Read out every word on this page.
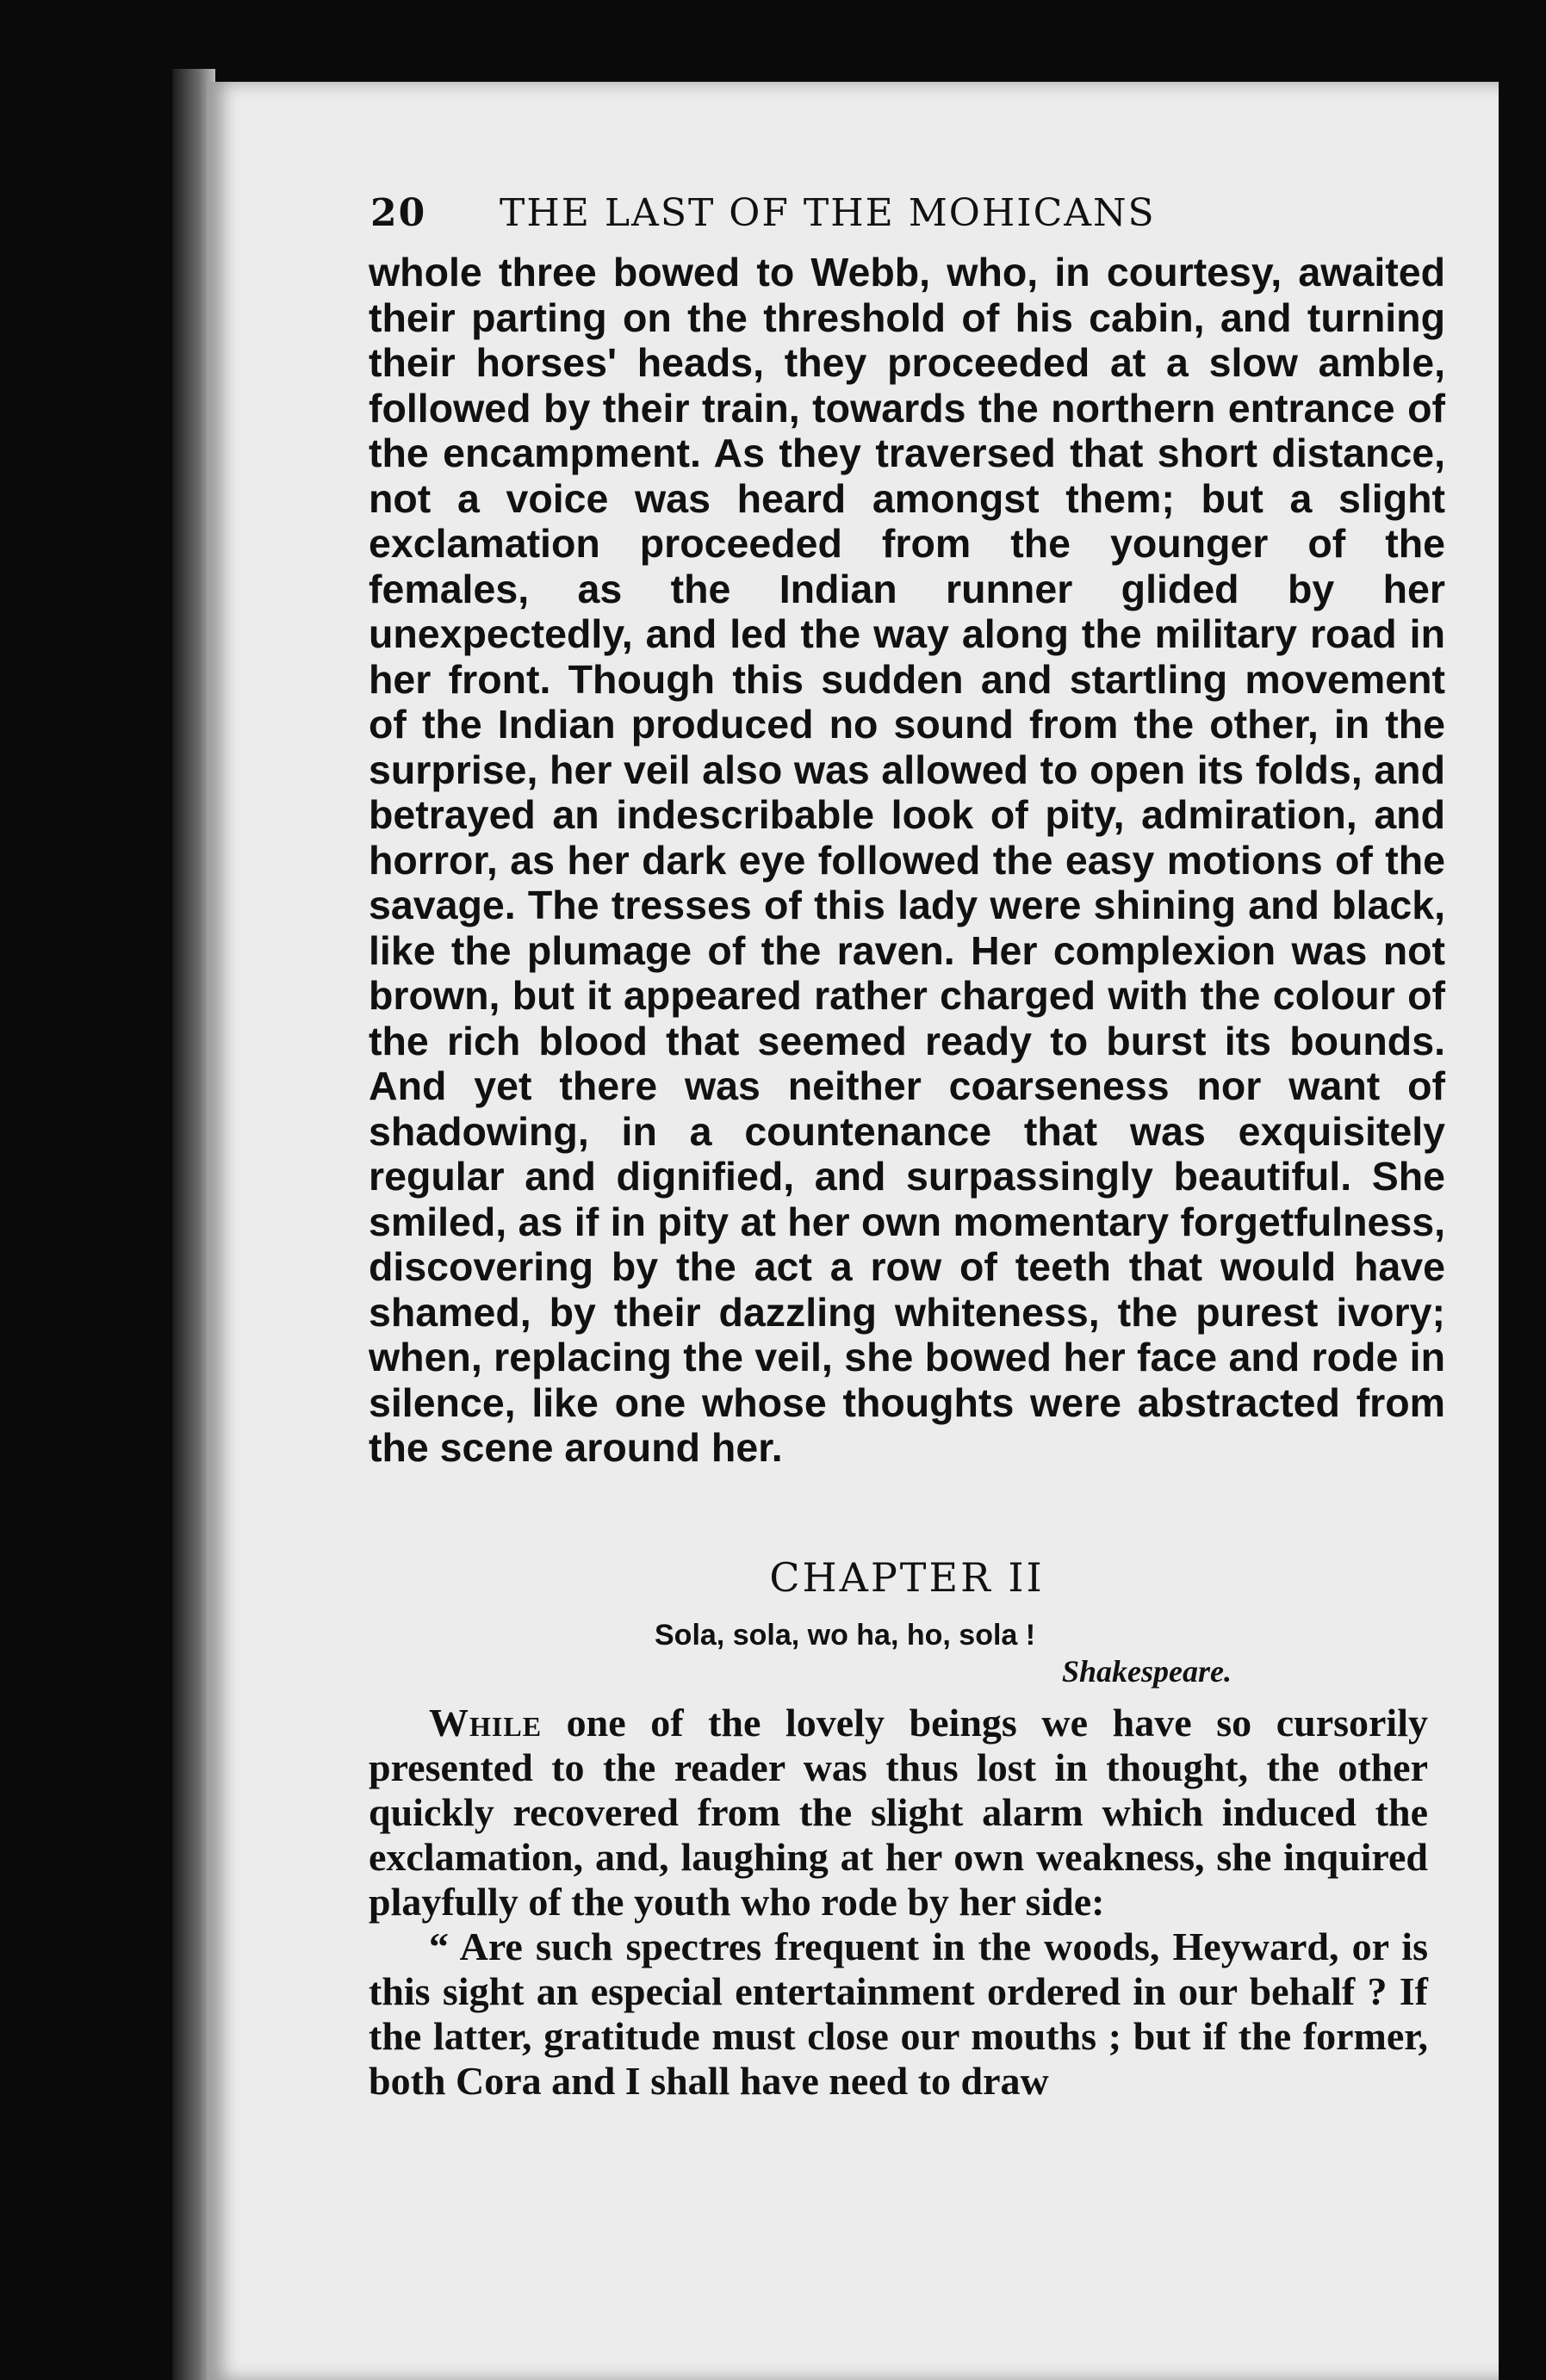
20 THE LAST OF THE MOHICANS

whole three bowed to Webb, who, in courtesy, awaited their parting on the threshold of his cabin, and turning their horses' heads, they proceeded at a slow amble, followed by their train, towards the northern entrance of the encampment. As they traversed that short distance, not a voice was heard amongst them; but a slight exclamation proceeded from the younger of the females, as the Indian runner glided by her unexpectedly, and led the way along the military road in her front. Though this sudden and startling movement of the Indian produced no sound from the other, in the surprise, her veil also was allowed to open its folds, and betrayed an indescribable look of pity, admiration, and horror, as her dark eye followed the easy motions of the savage. The tresses of this lady were shining and black, like the plumage of the raven. Her complexion was not brown, but it appeared rather charged with the colour of the rich blood that seemed ready to burst its bounds. And yet there was neither coarseness nor want of shadowing, in a countenance that was exquisitely regular and dignified, and surpassingly beautiful. She smiled, as if in pity at her own momentary forgetfulness, discovering by the act a row of teeth that would have shamed, by their dazzling whiteness, the purest ivory; when, replacing the veil, she bowed her face and rode in silence, like one whose thoughts were abstracted from the scene around her.

CHAPTER II
Sola, sola, wo ha, ho, sola !
Shakespeare.

While one of the lovely beings we have so cursorily presented to the reader was thus lost in thought, the other quickly recovered from the slight alarm which induced the exclamation, and, laughing at her own weakness, she inquired playfully of the youth who rode by her side:

“ Are such spectres frequent in the woods, Heyward, or is this sight an especial entertainment ordered in our behalf ? If the latter, gratitude must close our mouths ; but if the former, both Cora and I shall have need to draw
